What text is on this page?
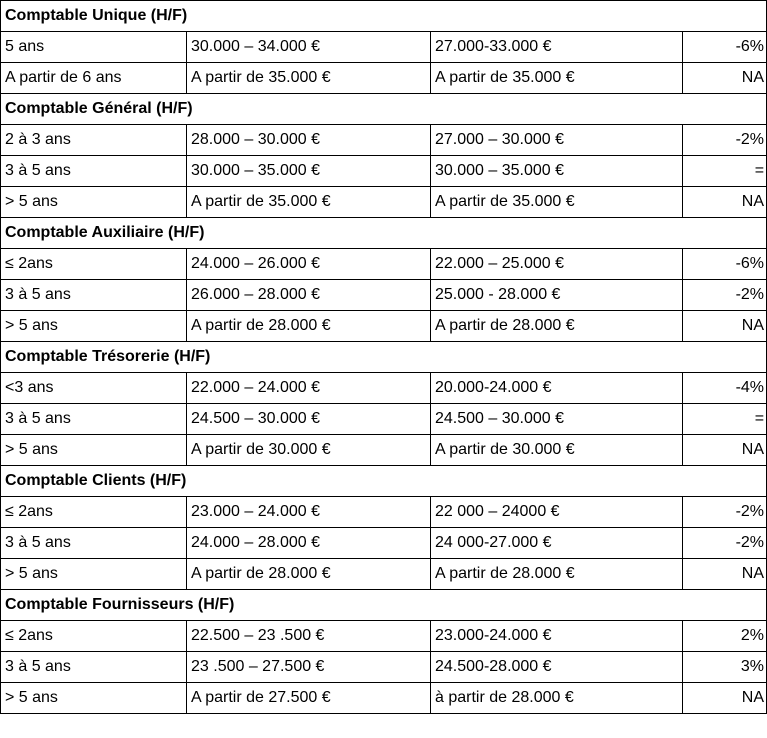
Comptable Unique (H/F)			
5 ans	30.000 – 34.000 €	27.000-33.000 €	-6%
A partir de 6 ans	A partir de 35.000 €	A partir de 35.000 €	NA
Comptable Général (H/F)			
2 à 3 ans	28.000 – 30.000 €	27.000 – 30.000 €	-2%
3 à 5 ans	30.000 – 35.000 €	30.000 – 35.000 €	=
> 5 ans	A partir de 35.000 €	A partir de 35.000 €	NA
Comptable Auxiliaire (H/F)			
≤ 2ans	24.000 – 26.000 €	22.000 – 25.000 €	-6%
3 à 5 ans	26.000 – 28.000 €	25.000 - 28.000 €	-2%
> 5 ans	A partir de 28.000 €	A partir de 28.000 €	NA
Comptable Trésorerie (H/F)			
<3 ans	22.000 – 24.000 €	20.000-24.000 €	-4%
3 à 5 ans	24.500 – 30.000 €	24.500 – 30.000 €	=
> 5 ans	A partir de 30.000 €	A partir de 30.000 €	NA
Comptable Clients (H/F)			
≤ 2ans	23.000 – 24.000 €	22 000 – 24000 €	-2%
3 à 5 ans	24.000 – 28.000 €	24 000-27.000 €	-2%
> 5 ans	A partir de 28.000 €	A partir de 28.000 €	NA
Comptable Fournisseurs (H/F)			
≤ 2ans	22.500 – 23 .500 €	23.000-24.000 €	2%
3 à 5 ans	23 .500 – 27.500 €	24.500-28.000 €	3%
> 5 ans	A partir de 27.500 €	à partir de 28.000 €	NA
